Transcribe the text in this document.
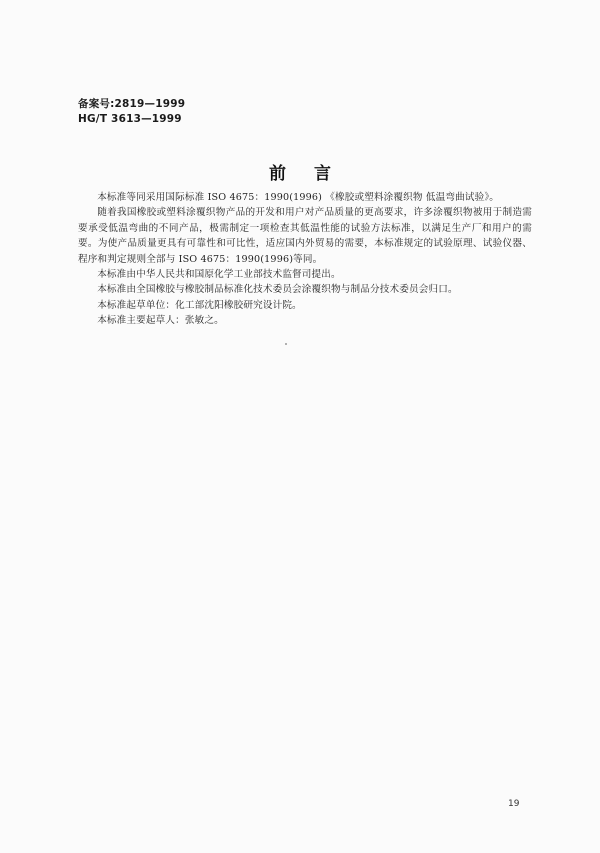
备案号:2819—1999
HG/T 3613—1999
前言

本标准等同采用国际标准 ISO 4675：1990(1996) 《橡胶或塑料涂覆织物 低温弯曲试验》。

随着我国橡胶或塑料涂覆织物产品的开发和用户对产品质量的更高要求，许多涂覆织物被用于制造需要承受低温弯曲的不同产品，极需制定一项检查其低温性能的试验方法标准，以满足生产厂和用户的需要。为使产品质量更具有可靠性和可比性，适应国内外贸易的需要，本标准规定的试验原理、试验仪器、程序和判定规则全部与 ISO 4675：1990(1996)等同。

本标准由中华人民共和国原化学工业部技术监督司提出。

本标准由全国橡胶与橡胶制品标准化技术委员会涂覆织物与制品分技术委员会归口。

本标准起草单位：化工部沈阳橡胶研究设计院。

本标准主要起草人：张敏之。

19
